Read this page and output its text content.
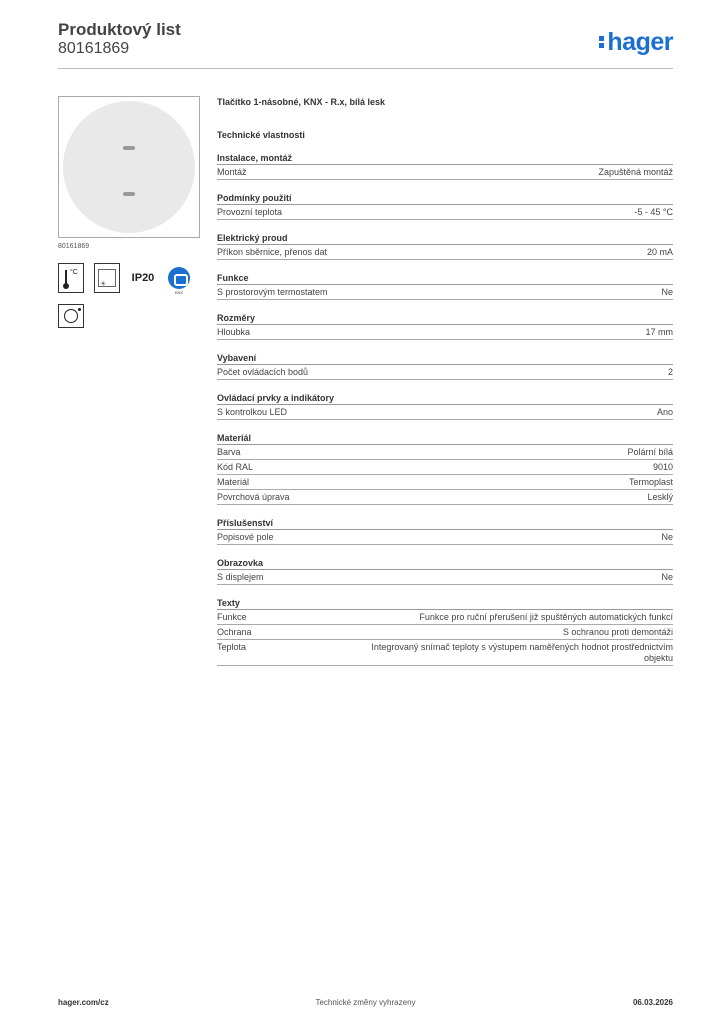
Produktový list
80161869	hager
80161869
°C
☀	IP20
KNX
Tlačítko 1-násobné, KNX - R.x, bílá lesk
Technické vlastnosti
Instalace, montáž
Montáž	Zapuštěná montáž
Podmínky použití
Provozní teplota	-5 - 45 °C
Elektrický proud
Příkon sběrnice, přenos dat	20 mA
Funkce
S prostorovým termostatem	Ne
Rozměry
Hloubka	17 mm
Vybavení
Počet ovládacích bodů	2
Ovládací prvky a indikátory
S kontrolkou LED	Ano
Materiál
Barva	Polární bílá
Kód RAL	9010
Materiál	Termoplast
Povrchová úprava	Lesklý
Příslušenství
Popisové pole	Ne
Obrazovka
S displejem	Ne
Texty
Funkce	Funkce pro ruční přerušení již spuštěných automatických funkcí
Ochrana	S ochranou proti demontáži
Teplota	Integrovaný snímač teploty s výstupem naměřených hodnot prostřednictvím objektu
hager.com/cz	Technické změny vyhrazeny	06.03.2026
